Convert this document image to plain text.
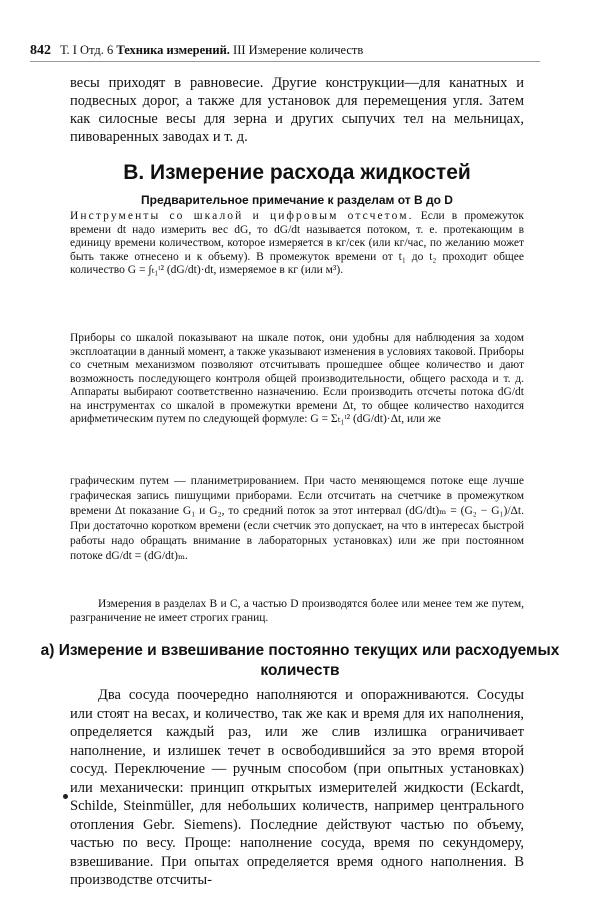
842 Т. I Отд. 6 Техника измерений. III Измерение количеств

весы приходят в равновесие. Другие конструкции—для канатных и подвесных дорог, а также для установок для перемещения угля. Затем как силосные весы для зерна и других сыпучих тел на мельницах, пивоваренных заводах и т. д.

B. Измерение расхода жидкостей

Предварительное примечание к разделам от B до D

Инструменты со шкалой и цифровым отсчетом. Если в промежуток времени dt надо измерить вес dG, то dG/dt называется потоком, т. е. протекающим в единицу времени количеством, которое измеряется в кг/сек (или кг/час, по желанию может быть также отнесено и к объему). В промежуток времени от t₁ до t₂ проходит общее количество G = ∫ₜ₁ᵗ² (dG/dt)·dt, измеряемое в кг (или м³).

Приборы со шкалой показывают на шкале поток, они удобны для наблюдения за ходом эксплоатации в данный момент, а также указывают изменения в условиях таковой. Приборы со счетным механизмом позволяют отсчитывать прошедшее общее количество и дают возможность последующего контроля общей производительности, общего расхода и т. д. Аппараты выбирают соответственно назначению. Если производить отсчеты потока dG/dt на инструментах со шкалой в промежутки времени Δt, то общее количество находится арифметическим путем по следующей формуле: G = Σₜ₁ᵗ² (dG/dt)·Δt, или же

графическим путем — планиметрированием. При часто меняющемся потоке еще лучше графическая запись пишущими приборами. Если отсчитать на счетчике в промежутком времени Δt показание G₁ и G₂, то средний поток за этот интервал (dG/dt)ₘ = (G₂ − G₁)/Δt. При достаточно коротком времени (если счетчик это допускает, на что в интересах быстрой работы надо обращать внимание в лабораторных установках) или же при постоянном потоке dG/dt = (dG/dt)ₘ.

Измерения в разделах B и C, а частью D производятся более или менее тем же путем, разграничение не имеет строгих границ.

а) Измерение и взвешивание постоянно текущих или расходуемых количеств

Два сосуда поочередно наполняются и опоражниваются. Сосуды или стоят на весах, и количество, так же как и время для их наполнения, определяется каждый раз, или же слив излишка ограничивает наполнение, и излишек течет в освободившийся за это время второй сосуд. Переключение — ручным способом (при опытных установках) или механически: принцип открытых измерителей жидкости (Eckardt, Schilde, Steinmüller, для небольших количеств, например центрального отопления Gebr. Siemens). Последние действуют частью по объему, частью по весу. Проще: наполнение сосуда, время по секундомеру, взвешивание. При опытах определяется время одного наполнения. В производстве отсчиты-
